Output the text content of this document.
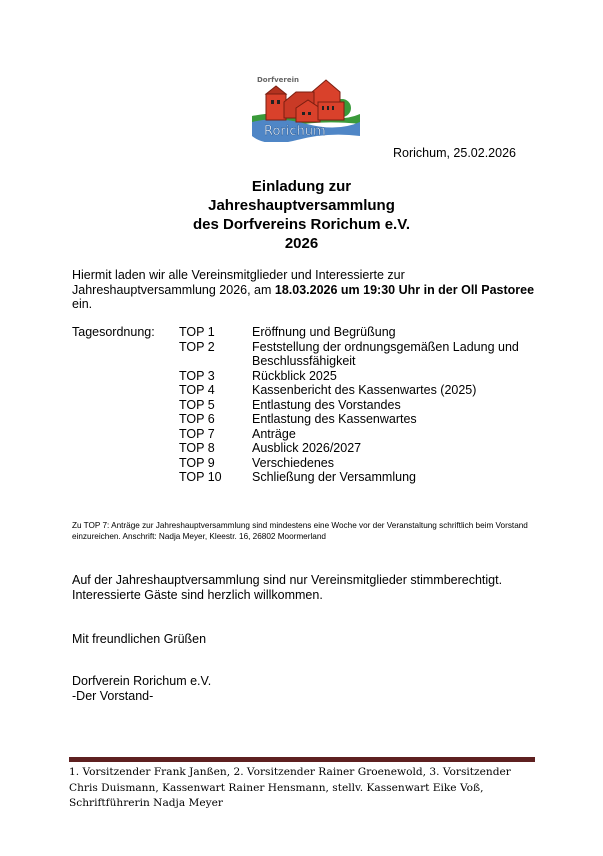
Dorfverein
Rorichum
Rorichum, 25.02.2026
Einladung zur
Jahreshauptversammlung
des Dorfvereins Rorichum e.V.
2026
Hiermit laden wir alle Vereinsmitglieder und Interessierte zur Jahreshauptversammlung 2026, am 18.03.2026 um 19:30 Uhr in der Oll Pastoree ein.
Tagesordnung: TOP 1	Eröffnung und Begrüßung
TOP 2	Feststellung der ordnungsgemäßen Ladung und Beschlussfähigkeit
TOP 3	Rückblick 2025
TOP 4	Kassenbericht des Kassenwartes (2025)
TOP 5	Entlastung des Vorstandes
TOP 6	Entlastung des Kassenwartes
TOP 7	Anträge
TOP 8	Ausblick 2026/2027
TOP 9	Verschiedenes
TOP 10 Schließung der Versammlung
Zu TOP 7: Anträge zur Jahreshauptversammlung sind mindestens eine Woche vor der Veranstaltung schriftlich beim Vorstand einzureichen. Anschrift: Nadja Meyer, Kleestr. 16, 26802 Moormerland
Auf der Jahreshauptversammlung sind nur Vereinsmitglieder stimmberechtigt.
Interessierte Gäste sind herzlich willkommen.
Mit freundlichen Grüßen
Dorfverein Rorichum e.V.
-Der Vorstand-
1. Vorsitzender Frank Janßen, 2. Vorsitzender Rainer Groenewold, 3. Vorsitzender Chris Duismann, Kassenwart Rainer Hensmann, stellv. Kassenwart Eike Voß, Schriftführerin Nadja Meyer
